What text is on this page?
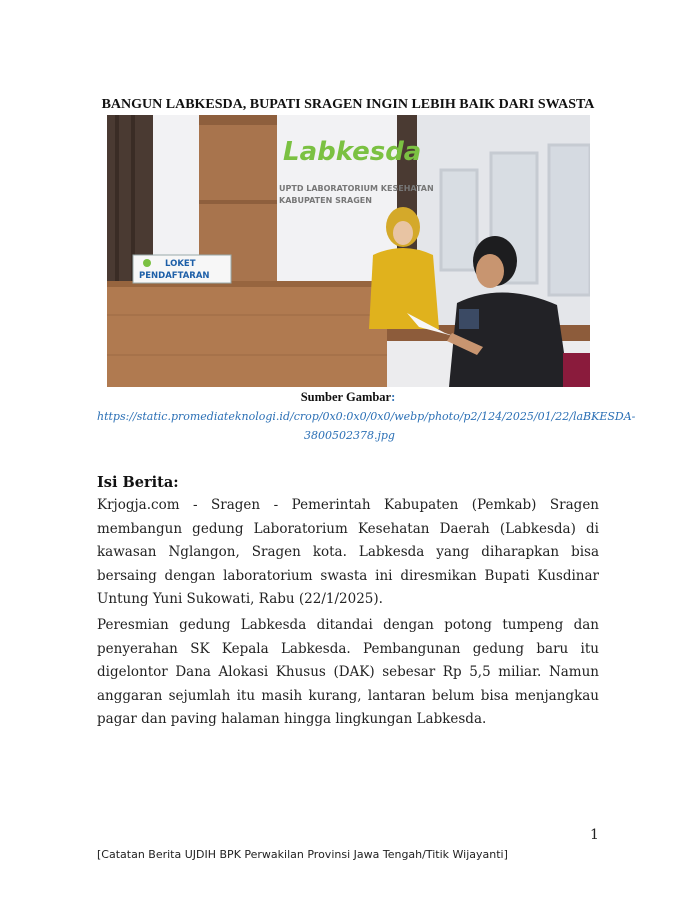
BANGUN LABKESDA, BUPATI SRAGEN INGIN LEBIH BAIK DARI SWASTA
Labkesda
UPTD LABORATORIUM KESEHATAN
KABUPATEN SRAGEN
LOKET
PENDAFTARAN
Sumber Gambar:
https://static.promediateknologi.id/crop/0x0:0x0/0x0/webp/photo/p2/124/2025/01/22/laBKESDA-3800502378.jpg
Isi Berita:

Krjogja.com - Sragen - Pemerintah Kabupaten (Pemkab) Sragen membangun gedung Laboratorium Kesehatan Daerah (Labkesda) di kawasan Nglangon, Sragen kota. Labkesda yang diharapkan bisa bersaing dengan laboratorium swasta ini diresmikan Bupati Kusdinar Untung Yuni Sukowati, Rabu (22/1/2025).

Peresmian gedung Labkesda ditandai dengan potong tumpeng dan penyerahan SK Kepala Labkesda. Pembangunan gedung baru itu digelontor Dana Alokasi Khusus (DAK) sebesar Rp 5,5 miliar. Namun anggaran sejumlah itu masih kurang, lantaran belum bisa menjangkau pagar dan paving halaman hingga lingkungan Labkesda.

1
[Catatan Berita UJDIH BPK Perwakilan Provinsi Jawa Tengah/Titik Wijayanti]
